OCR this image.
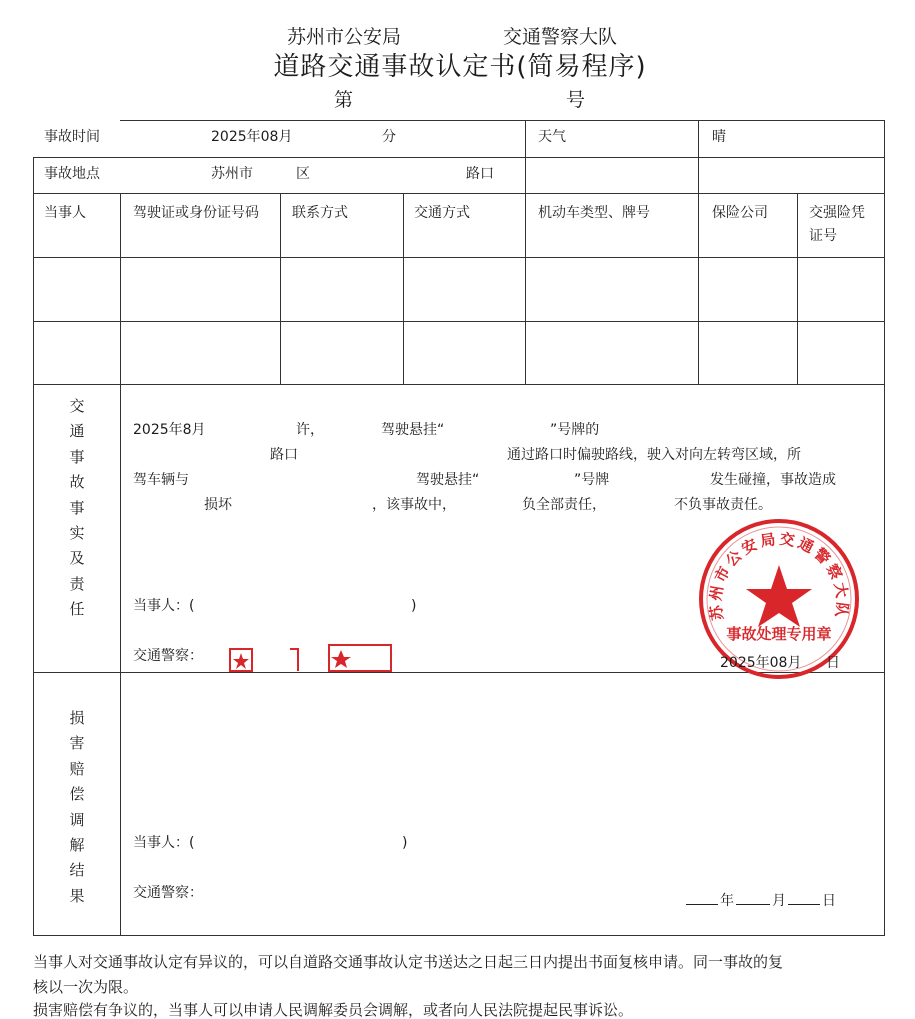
苏州市公安局	交通警察大队
道路交通事故认定书(简易程序)
第	号
事故时间	2025年08月	分	天气	晴
事故地点	苏州市	区	路口
当事人	驾驶证或身份证号码	联系方式	交通方式	机动车类型、牌号	保险公司	交强险凭证号
交
通
事
故
事
实
及
责
任
2025年8月	许，	驾驶悬挂“	”号牌的
路口	通过路口时偏驶路线，驶入对向左转弯区域，所
驾车辆与	驾驶悬挂“	”号牌	发生碰撞，事故造成
损坏	，该事故中，	负全部责任，	不负事故责任。
当事人：(	)
交通警察：
苏州市公安局交通警察大队
事故处理专用章
2025年08月 日
损
害
赔
偿
调
解
结
果
当事人：(	)
交通警察：	年	月	日
当事人对交通事故认定有异议的，可以自道路交通事故认定书送达之日起三日内提出书面复核申请。同一事故的复
核以一次为限。
损害赔偿有争议的，当事人可以申请人民调解委员会调解，或者向人民法院提起民事诉讼。
